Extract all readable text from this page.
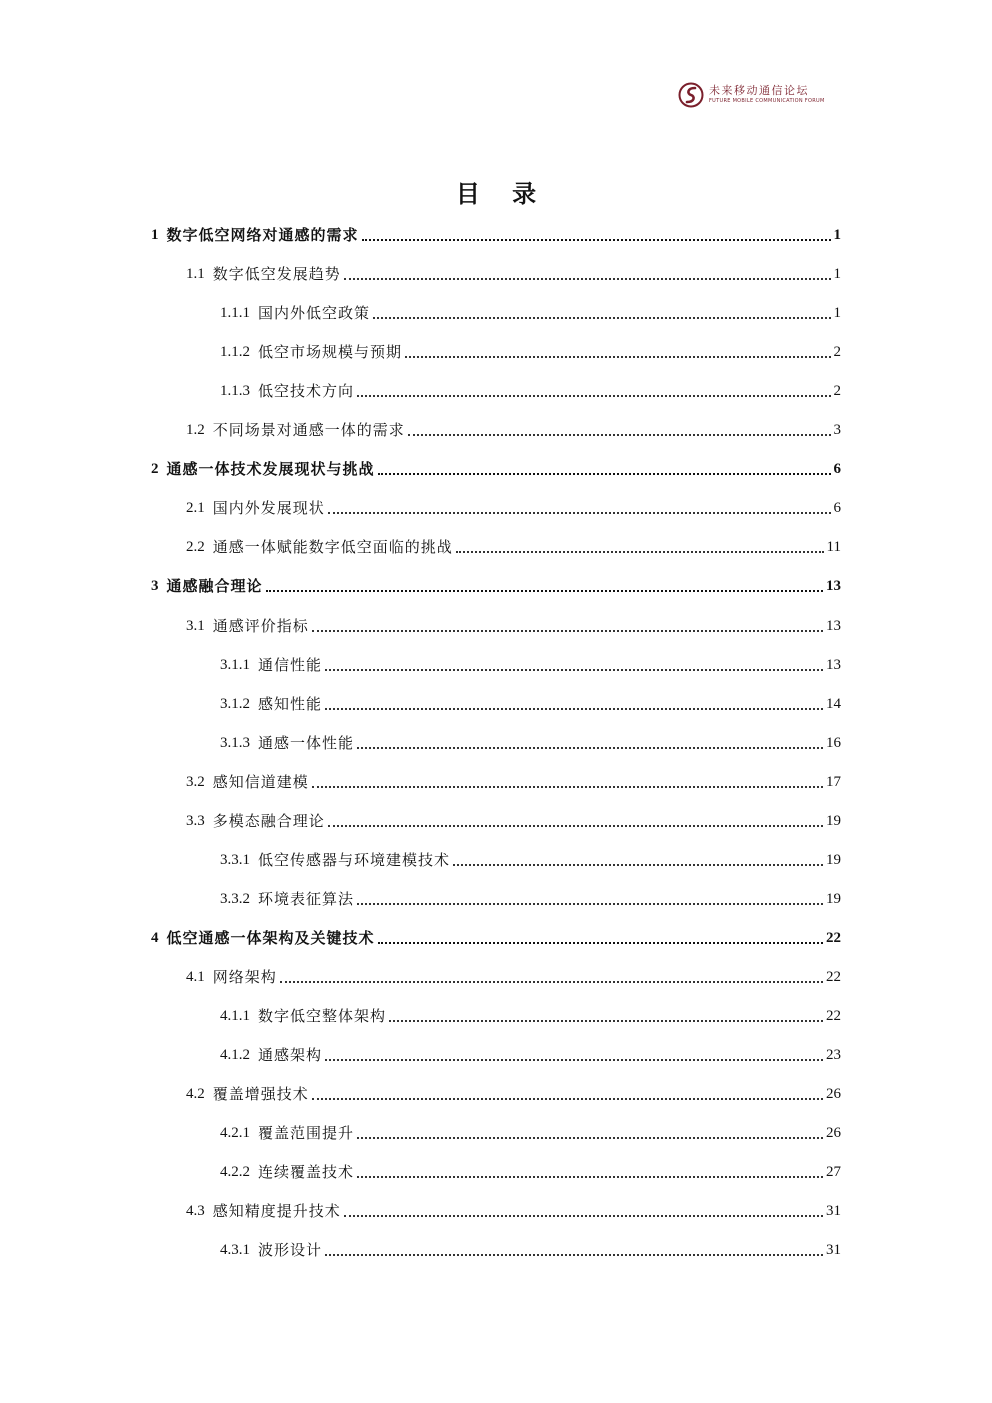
未来移动通信论坛
FUTURE MOBILE COMMUNICATION FORUM
目 录
1 数字低空网络对通感的需求	1
1.1 数字低空发展趋势	1
1.1.1 国内外低空政策	1
1.1.2 低空市场规模与预期	2
1.1.3 低空技术方向	2
1.2 不同场景对通感一体的需求	3
2 通感一体技术发展现状与挑战	6
2.1 国内外发展现状	6
2.2 通感一体赋能数字低空面临的挑战	11
3 通感融合理论	13
3.1 通感评价指标	13
3.1.1 通信性能	13
3.1.2 感知性能	14
3.1.3 通感一体性能	16
3.2 感知信道建模	17
3.3 多模态融合理论	19
3.3.1 低空传感器与环境建模技术	19
3.3.2 环境表征算法	19
4 低空通感一体架构及关键技术	22
4.1 网络架构	22
4.1.1 数字低空整体架构	22
4.1.2 通感架构	23
4.2 覆盖增强技术	26
4.2.1 覆盖范围提升	26
4.2.2 连续覆盖技术	27
4.3 感知精度提升技术	31
4.3.1 波形设计	31
